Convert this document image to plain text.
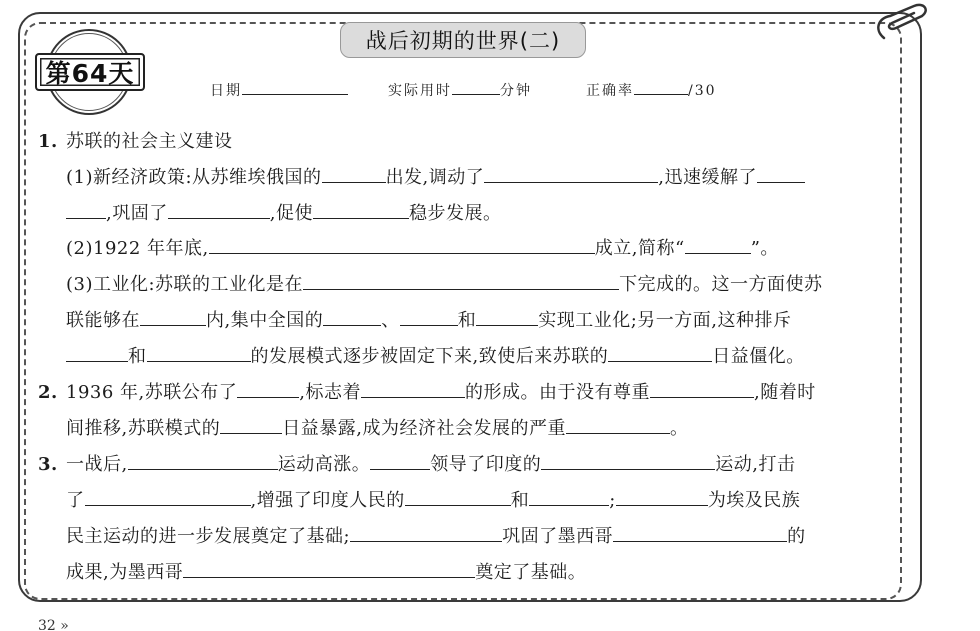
第64天
战后初期的世界(二)
日期	实际用时	分钟	正确率	/30
1. 苏联的社会主义建设
(1)新经济政策:从苏维埃俄国的	出发,调动了	,迅速缓解了
,巩固了	,促使	稳步发展。
(2)1922 年年底,	成立,简称“	”。
(3)工业化:苏联的工业化是在	下完成的。这一方面使苏
联能够在	内,集中全国的	、	和	实现工业化;另一方面,这种排斥
和	的发展模式逐步被固定下来,致使后来苏联的	日益僵化。
2. 1936 年,苏联公布了	,标志着	的形成。由于没有尊重	,随着时
间推移,苏联模式的	日益暴露,成为经济社会发展的严重	。
3. 一战后,	运动高涨。	领导了印度的	运动,打击
了	,增强了印度人民的	和	;	为埃及民族
民主运动的进一步发展奠定了基础;	巩固了墨西哥	的
成果,为墨西哥	奠定了基础。
32 »
